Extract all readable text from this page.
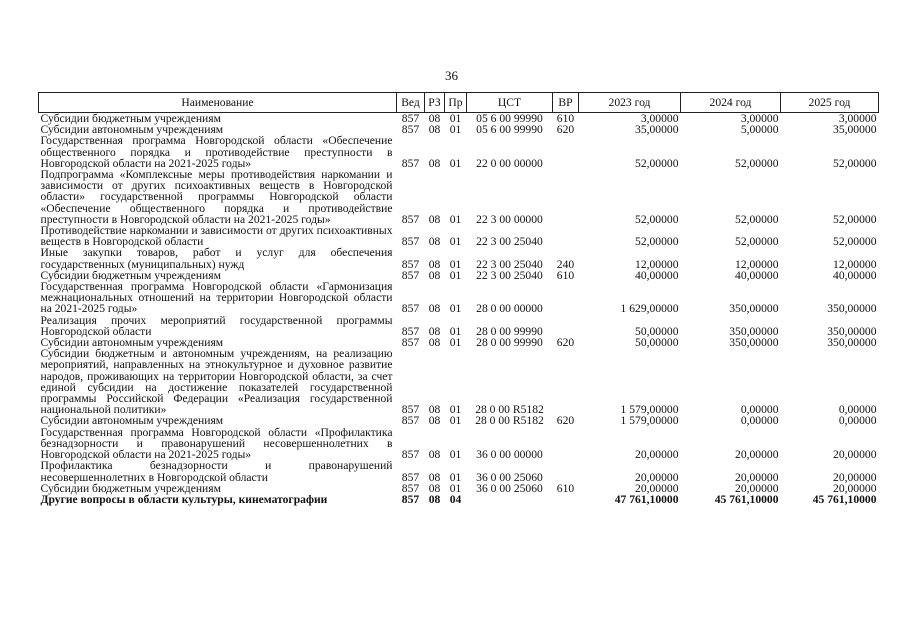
36
Наименование	Вед	РЗ	Пр	ЦСТ	ВР	2023 год	2024 год	2025 год
Субсидии бюджетным учреждениям	857	08	01	05 6 00 99990	610	3,00000	3,00000	3,00000
Субсидии автономным учреждениям	857	08	01	05 6 00 99990	620	35,00000	5,00000	35,00000
Государственная программа Новгородской области «Обеспечение общественного порядка и противодействие преступности в Новгородской области на 2021-2025 годы»	857	08	01	22 0 00 00000		52,00000	52,00000	52,00000
Подпрограмма «Комплексные меры противодействия наркомании и зависимости от других психоактивных веществ в Новгородской области» государственной программы Новгородской области «Обеспечение общественного порядка и противодействие преступности в Новгородской области на 2021-2025 годы»	857	08	01	22 3 00 00000		52,00000	52,00000	52,00000
Противодействие наркомании и зависимости от других психоактивных веществ в Новгородской области	857	08	01	22 3 00 25040		52,00000	52,00000	52,00000
Иные закупки товаров, работ и услуг для обеспечения государственных (муниципальных) нужд	857	08	01	22 3 00 25040	240	12,00000	12,00000	12,00000
Субсидии бюджетным учреждениям	857	08	01	22 3 00 25040	610	40,00000	40,00000	40,00000
Государственная программа Новгородской области «Гармонизация межнациональных отношений на территории Новгородской области на 2021-2025 годы»	857	08	01	28 0 00 00000		1 629,00000	350,00000	350,00000
Реализация прочих мероприятий государственной программы Новгородской области	857	08	01	28 0 00 99990		50,00000	350,00000	350,00000
Субсидии автономным учреждениям	857	08	01	28 0 00 99990	620	50,00000	350,00000	350,00000
Субсидии бюджетным и автономным учреждениям, на реализацию мероприятий, направленных на этнокультурное и духовное развитие народов, проживающих на территории Новгородской области, за счет единой субсидии на достижение показателей государственной программы Российской Федерации «Реализация государственной национальной политики»	857	08	01	28 0 00 R5182		1 579,00000	0,00000	0,00000
Субсидии автономным учреждениям	857	08	01	28 0 00 R5182	620	1 579,00000	0,00000	0,00000
Государственная программа Новгородской области «Профилактика безнадзорности и правонарушений несовершеннолетних в Новгородской области на 2021-2025 годы»	857	08	01	36 0 00 00000		20,00000	20,00000	20,00000
Профилактика безнадзорности и правонарушений несовершеннолетних в Новгородской области	857	08	01	36 0 00 25060		20,00000	20,00000	20,00000
Субсидии бюджетным учреждениям	857	08	01	36 0 00 25060	610	20,00000	20,00000	20,00000
Другие вопросы в области культуры, кинематографии	857	08	04			47 761,10000	45 761,10000	45 761,10000
